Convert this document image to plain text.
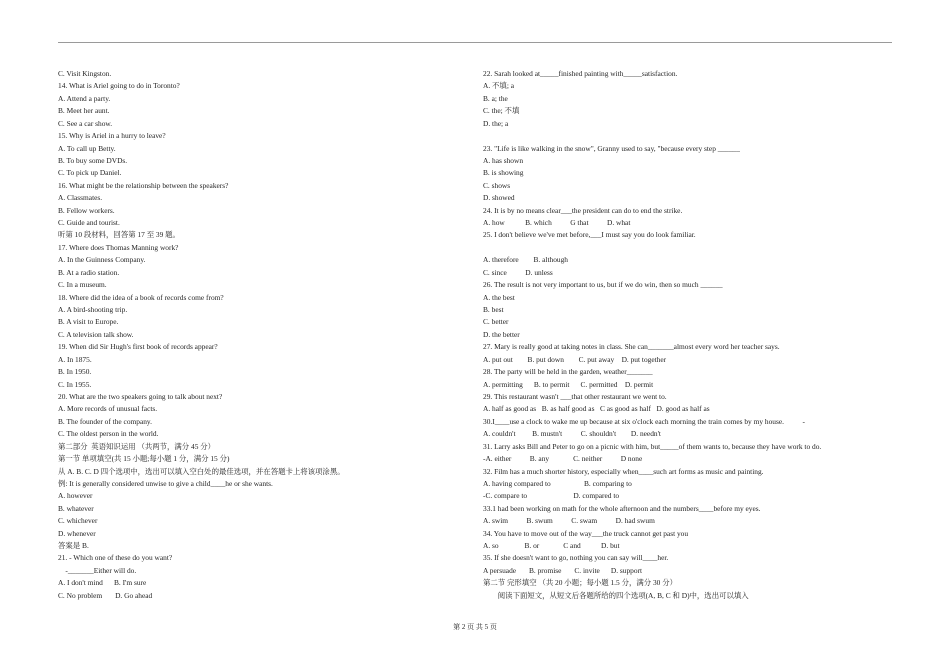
C. Visit Kingston.
14. What is Ariel going to do in Toronto?
A. Attend a party.
B. Meet her aunt.
C. See a car show.
15. Why is Ariel in a hurry to leave?
A. To call up Betty.
B. To buy some DVDs.
C. To pick up Daniel.
16. What might be the relationship between the speakers?
A. Classmates.
B. Fellow workers.
C. Guide and tourist.
听第 10 段材料，回答第 17 至 39 题。
17. Where does Thomas Manning work?
A. In the Guinness Company.
B. At a radio station.
C. In a museum.
18. Where did the idea of a book of records come from?
A. A bird-shooting trip.
B. A visit to Europe.
C. A television talk show.
19. When did Sir Hugh's first book of records appear?
A. In 1875.
B. In 1950.
C. In 1955.
20. What are the two speakers going to talk about next?
A. More records of unusual facts.
B. The founder of the company.
C. The oldest person in the world.
第二部分  英语知识运用 （共两节，满分 45 分）
第一节 单项填空(共 15 小题;每小题 1 分，满分 15 分)
从 A. B. C. D 四个选项中，选出可以填入空白处的最佳选项，并在答题卡上将该项涂黑。
例: It is generally considered unwise to give a child____he or she wants.
A. however
B. whatever
C. whichever
D. whenever
答案是 B.
21. - Which one of these do you want?
-_______Either will do.
A. I don't mind      B. I'm sure
C. No problem       D. Go ahead
22. Sarah looked at_____finished painting with_____satisfaction.
A. 不填; a
B. a; the
C. the; 不填
D. the; a
23. "Life is like walking in the snow", Granny used to say, "because every step ______
A. has shown
B. is showing
C. shows
D. showed
24. It is by no means clear___the president can do to end the strike.
A. how           B. which          G that          D. what
25. I don't believe we've met before,___I must say you do look familiar.
A. therefore        B. although
C. since          D. unless
26. The result is not very important to us, but if we do win, then so much ______
A. the best
B. best
C. better
D. the better
27. Mary is really good at taking notes in class. She can_______almost every word her teacher says.
A. put out        B. put down        C. put away    D. put together
28. The party will be held in the garden, weather_______
A. permitting      B. to permit      C. permitted    D. permit
29. This restaurant wasn't ___that other restaurant we went to.
A. half as good as   B. as half good as   C as good as half   D. good as half as
30.I____use a clock to wake me up because at six o'clock each morning the train comes by my house.          -
A. couldn't         B. mustn't          C. shouldn't        D. needn't
31. Larry asks Bill and Peter to go on a picnic with him, but_____of them wants to, because they have work to do.
-A. either          B. any             C. neither          D none
32. Film has a much shorter history, especially when____such art forms as music and painting.
A. having compared to                  B. comparing to
-C. compare to                         D. compared to
33.1 had been working on math for the whole afternoon and the numbers____before my eyes.
A. swim          B. swum          C. swam          D. had swum
34. You have to move out of the way___the truck cannot get past you
A. so              B. or             C and           D. but
35. If she doesn't want to go, nothing you can say will____her.
A persuade       B. promise       C. invite      D. support
第二节 完形填空 （共 20 小题；每小题 1.5 分，满分 30 分）
阅读下面短文，从短文后各题所给的四个选项(A, B, C 和 D)中，选出可以填入
第 2 页 共 5 页
